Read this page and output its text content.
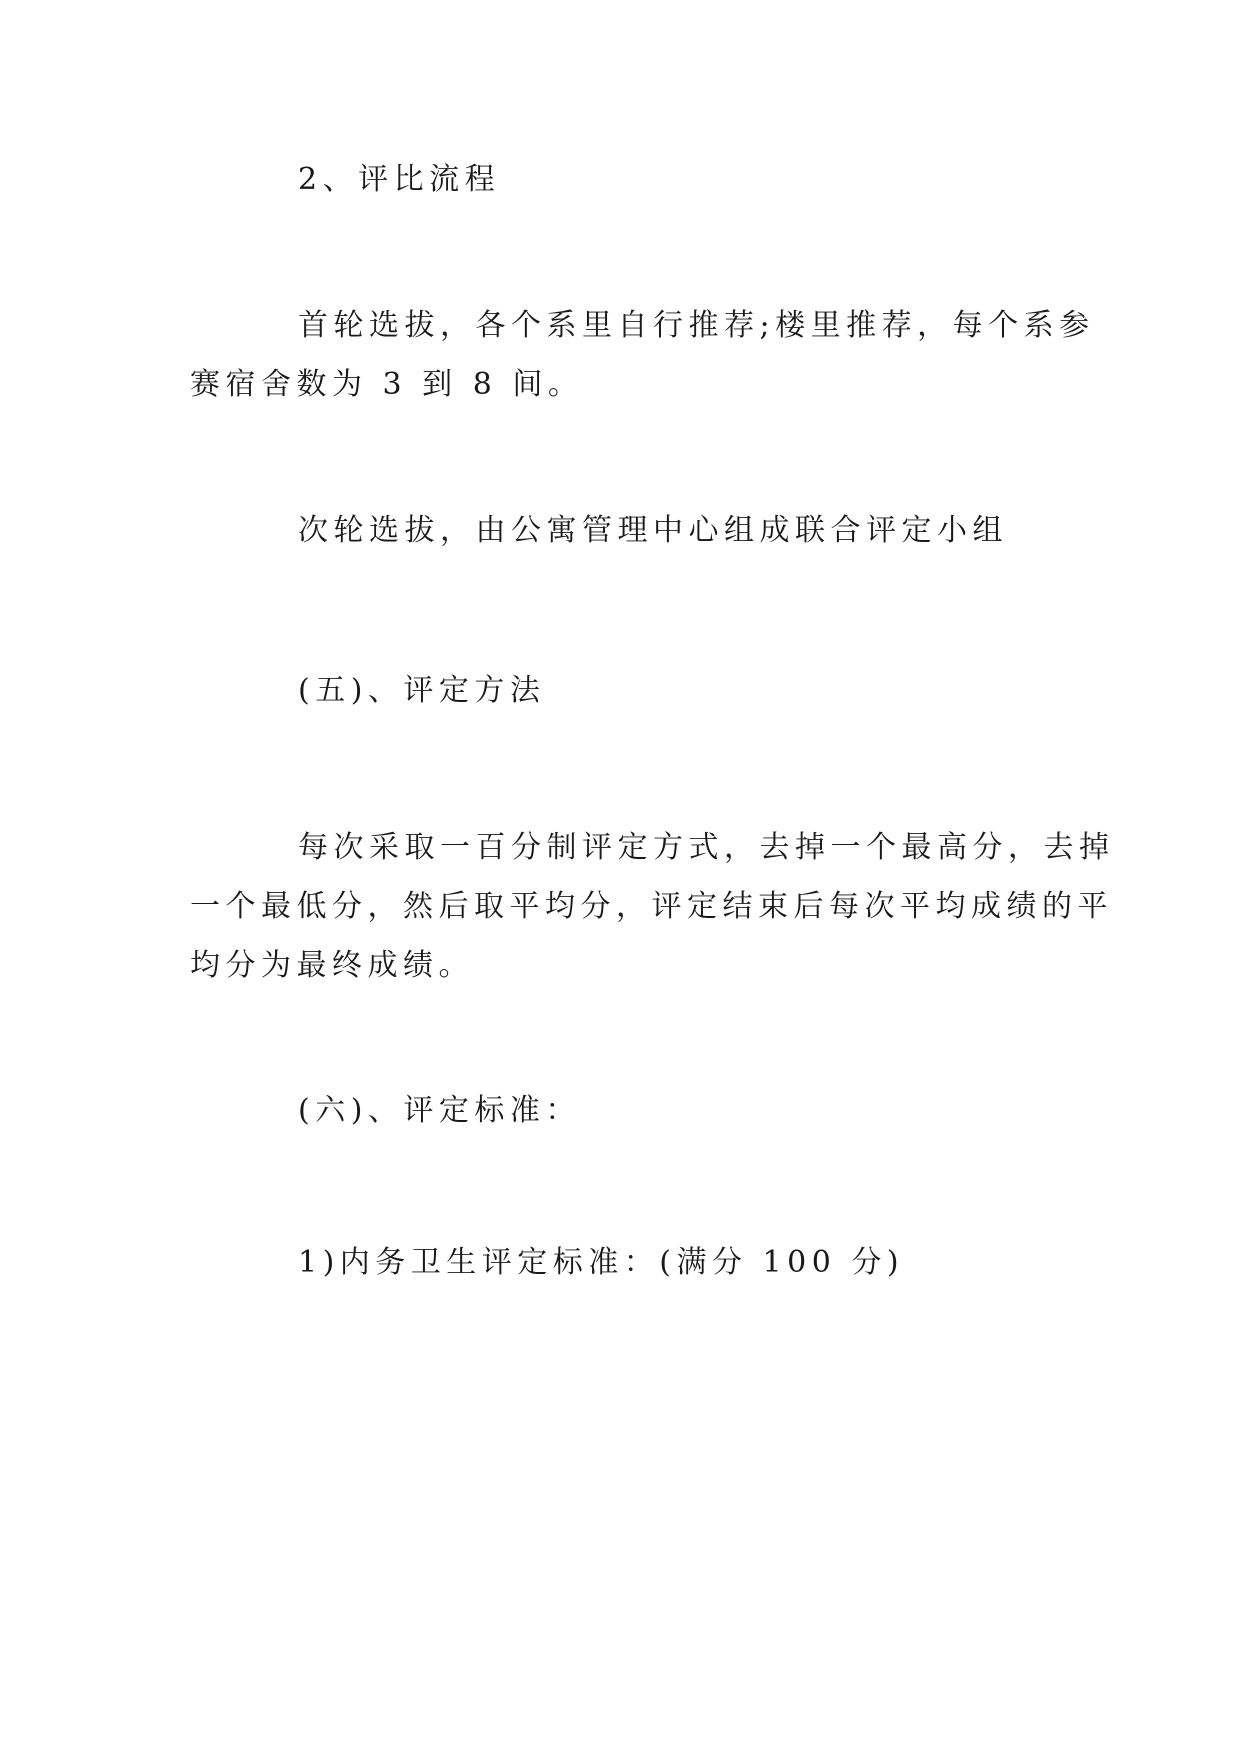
2、评比流程

首轮选拔，各个系里自行推荐;楼里推荐，每个系参

赛宿舍数为 3 到 8 间。

次轮选拔，由公寓管理中心组成联合评定小组

(五)、评定方法

每次采取一百分制评定方式，去掉一个最高分，去掉

一个最低分，然后取平均分，评定结束后每次平均成绩的平
均分为最终成绩。

(六)、评定标准：

1)内务卫生评定标准：(满分 100 分)
